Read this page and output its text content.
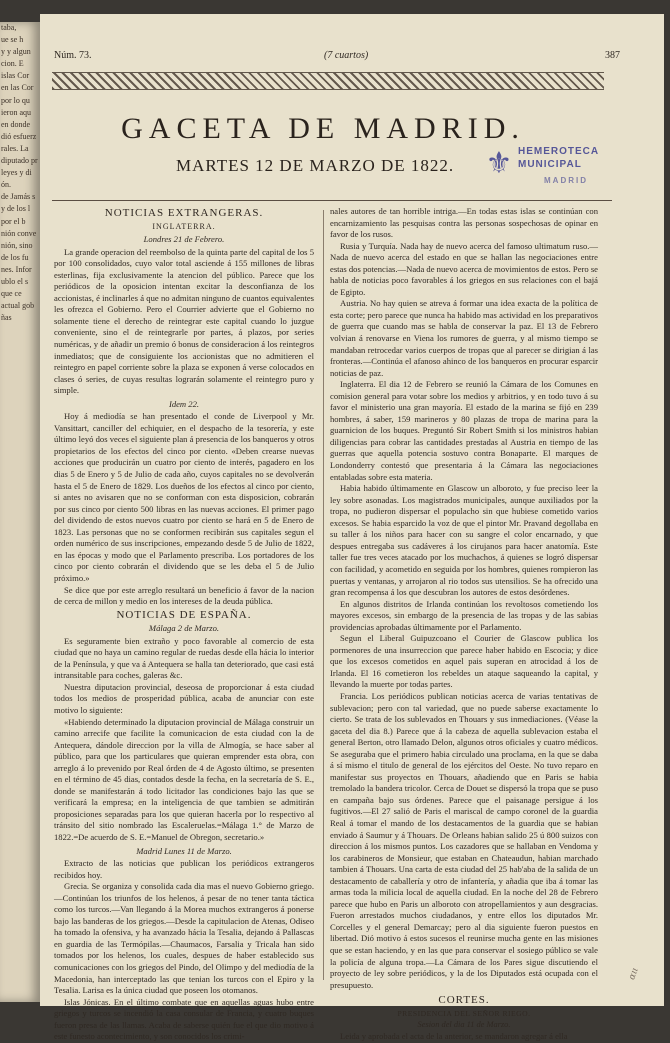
taba,
ue se h
y y algun
cion. E
islas Cor
en las Cor
por lo qu
ieron aqu
en donde
dió esfuerz
rales. La
diputado pr
leyes y di
ón.
de Jamás s
y de los l
por el b
nión conve
nión, sino
de los fu
nes. Infor
ublo el s
que ce
actual gob
ñas
Núm. 73.	(7 cuartos)	387
GACETA DE MADRID.
MARTES 12 DE MARZO DE 1822. ⚜ HEMEROTECA
MUNICIPAL
MADRID
NOTICIAS EXTRANGERAS.
INGLATERRA.
Londres 21 de Febrero.

La grande operacion del reembolso de la quinta parte del capital de los 5 por 100 consolidados, cuyo valor total asciende á 155 millones de libras esterlinas, fija exclusivamente la atencion del público. Parece que los periódicos de la oposicion intentan excitar la desconfianza de los accionistas, é inclinarles á que no admitan ninguno de cuantos equivalentes les ofrezca el Gobierno. Pero el Courrier advierte que el Gobierno no solamente tiene el derecho de reintegrar este capital cuando lo juzgue conveniente, sino el de reintegrarle por partes, á plazos, por series numéricas, y de añadir un premio ó bonus de consideracion á los reintegros inmediatos; que de consiguiente los accionistas que no admitieren el reintegro en papel corriente sobre la plaza se exponen á verse colocados en clases ó series, de cuyas resultas lograrán solamente el reintegro puro y simple.

Idem 22.

Hoy á mediodía se han presentado el conde de Liverpool y Mr. Vansittart, canciller del echiquier, en el despacho de la tesorería, y este último leyó dos veces el siguiente plan á presencia de los banqueros y otros propietarios de los efectos del cinco por ciento. «Deben crearse nuevas acciones que producirán un cuatro por ciento de interés, pagadero en los dias 5 de Enero y 5 de Julio de cada año, cuyos capitales no se devolverán hasta el 5 de Enero de 1829. Los dueños de los efectos al cinco por ciento, si antes no avisaren que no se conforman con esta disposicion, cobrarán por sus cinco por ciento 500 libras en las nuevas acciones. El primer pago del dividendo de estos nuevos cuatro por ciento se hará en 5 de Enero de 1823. Las personas que no se conformen recibirán sus capitales segun el orden numérico de sus inscripciones, empezando desde 5 de Julio de 1822, en las épocas y modo que el Parlamento prescriba. Los portadores de los cinco por ciento cobrarán el dividendo que se les deba el 5 de Julio próximo.»

Se dice que por este arreglo resultará un beneficio á favor de la nacion de cerca de millon y medio en los intereses de la deuda pública.

NOTICIAS DE ESPAÑA.
Málaga 2 de Marzo.

Es seguramente bien extraño y poco favorable al comercio de esta ciudad que no haya un camino regular de ruedas desde ella hácia lo interior de la Península, y que va á Antequera se halla tan deteriorado, que casi está intransitable para coches, galeras &c.

Nuestra diputacion provincial, deseosa de proporcionar á esta ciudad todos los medios de prosperidad pública, acaba de anunciar con este motivo lo siguiente:

«Habiendo determinado la diputacion provincial de Málaga construir un camino arrecife que facilite la comunicacion de esta ciudad con la de Antequera, dándole direccion por la villa de Almogía, se hace saber al público, para que los particulares que quieran emprender esta obra, con arreglo á lo prevenido por Real órden de 4 de Agosto último, se presenten en el término de 45 dias, contados desde la fecha, en la secretaría de S. E., donde se manifestarán á todo licitador las condiciones bajo las que se verificará la empresa; en la inteligencia de que tambien se admitirán proposiciones separadas para los que quieran hacerla por lo respectivo al tránsito del sitio nombrado las Escaleruelas.=Málaga 1.° de Marzo de 1822.=De acuerdo de S. E.=Manuel de Obregon, secretario.»

Madrid Lunes 11 de Marzo.

Extracto de las noticias que publican los periódicos extrangeros recibidos hoy.

Grecia. Se organiza y consolida cada dia mas el nuevo Gobierno griego.—Continúan los triunfos de los helenos, á pesar de no tener tanta táctica como los turcos.—Van llegando á la Morea muchos extrangeros á ponerse bajo las banderas de los griegos.—Desde la capitulacion de Atenas, Odiseo ha tomado la ofensiva, y ha avanzado hácia la Tesalia, dejando á Pallascas en guardia de las Termópilas.—Chaumacos, Farsalia y Tricala han sido tomados por los helenos, los cuales, despues de haber establecido sus comunicaciones con los griegos del Pindo, del Olimpo y del mediodía de la Macedonia, han interceptado las que tenian los turcos con el Epiro y la Tesalia. Larisa es la única ciudad que poseen los otomanos.

Islas Jónicas. En el último combate que en aquellas aguas hubo entre griegos y turcos se incendió la casa consular de Francia, y cuatro buques fueron presa de las llamas. Acaba de saberse quién fue el que dio motivo á este funesto acontecimiento, y son conocidos los crimi-

nales autores de tan horrible intriga.—En todas estas islas se continúan con encarnizamiento las pesquisas contra las personas sospechosas de opinar en favor de los rusos.

Rusia y Turquía. Nada hay de nuevo acerca del famoso ultimatum ruso.—Nada de nuevo acerca del estado en que se hallan las negociaciones entre estas dos potencias.—Nada de nuevo acerca de movimientos de estos. Pero se habla de noticias poco favorables á los griegos en sus relaciones con el bajá de Egipto.

Austria. No hay quien se atreva á formar una idea exacta de la política de esta corte; pero parece que nunca ha habido mas actividad en los preparativos de guerra que cuando mas se habla de conservar la paz. El 13 de Febrero volvian á renovarse en Viena los rumores de guerra, y al mismo tiempo se mandaban retrocedar varios cuerpos de tropas que al parecer se dirigian á las fronteras.—Continúa el afanoso ahinco de los banqueros en procurar esparcir noticias de paz.

Inglaterra. El dia 12 de Febrero se reunió la Cámara de los Comunes en comision general para votar sobre los medios y arbitrios, y en todo tuvo á su favor el ministerio una gran mayoría. El estado de la marina se fijó en 239 hombres, á saber, 159 marineros y 80 plazas de tropa de marina para la guarnicion de los buques. Preguntó Sir Robert Smith si los ministros habian diligencias para cobrar las cantidades prestadas al Austria en tiempo de las guerras que aquella potencia sostuvo contra Bonaparte. El marques de Londonderry contestó que presentaria á la Cámara las negociaciones entabladas sobre esta materia.

Habia habido últimamente en Glascow un alboroto, y fue preciso leer la ley sobre asonadas. Los magistrados municipales, aunque auxiliados por la tropa, no pudieron dispersar el populacho sin que hubiese cometido varios excesos. Se habia esparcido la voz de que el pintor Mr. Pravand degollaba en su taller á los niños para hacer con su sangre el color encarnado, y que despues entregaba sus cadáveres á los cirujanos para hacer anatomía. Este taller fue tres veces atacado por los muchachos, á quienes se logró dispersar con facilidad, y acometido en seguida por los hombres, quienes rompieron las puertas y ventanas, y arrojaron al rio todos sus utensilios. Se ha ofrecido una gran recompensa á los que descubran los autores de estos desórdenes.

En algunos distritos de Irlanda continúan los revoltosos cometiendo los mayores excesos, sin embargo de la presencia de las tropas y de las sabias providencias aprobadas últimamente por el Parlamento.

Segun el Liberal Guipuzcoano el Courier de Glascow publica los pormenores de una insurreccion que parece haber habido en Escocia; y dice que los excesos cometidos en aquel pais superan en atrocidad á los de Irlanda. El 16 cometieron los rebeldes un ataque saqueando la capital, y llevando la muerte por todas partes.

Francia. Los periódicos publican noticias acerca de varias tentativas de sublevacion; pero con tal variedad, que no puede saberse exactamente lo cierto. Se trata de los sublevados en Thouars y sus inmediaciones. (Véase la gaceta del dia 8.) Parece que á la cabeza de aquella sublevacion estaba el general Berton, otro llamado Delon, algunos otros oficiales y cuatro médicos. Se aseguraba que el primero habia circulado una proclama, en la que se daba á sí mismo el titulo de general de los ejércitos del Oeste. No tuvo reparo en manifestar sus proyectos en Thouars, añadiendo que en Paris se habia tremolado la bandera tricolor. Cerca de Douet se dispersó la tropa que se puso en campaña bajo sus órdenes. Parece que el paisanage persigue á los fugitivos.—El 27 salió de Paris el mariscal de campo coronel de la guardia Real á tomar el mando de los destacamentos de la guardia que se habian enviado á Saumur y á Thouars. De Orleans habian salido 25 ú 800 suizos con direccion á los mismos puntos. Los cazadores que se hallaban en Vendoma y los carabineros de Monsieur, que estaban en Chateaudun, habian marchado tambien á Thouars. Una carta de esta ciudad del 25 hab'aba de la salida de un destacamento de caballería y otro de infantería, y añadia que iba á tomar las armas toda la milicia local de aquella ciudad. En la noche del 28 de Febrero parece que hubo en Paris un alboroto con atropellamientos y aun desgracias. Fueron arrestados muchos ciudadanos, y entre ellos los diputados Mr. Corcelles y el general Demarcay; pero al dia siguiente fueron puestos en libertad. Dió motivo á estos sucesos el reunirse mucha gente en las misiones que se estan haciendo, y en las que para conservar el sosiego público se vale la policía de alguna tropa.—La Cámara de los Pares sigue discutiendo el proyecto de ley sobre periódicos, y la de los Diputados está ocupada con el presupuesto.

CORTES.
PRESIDENCIA DEL SEÑOR RIEGO.
Sesion del dia 11 de Marzo.

Leida y aprobada el acta de la anterior, se mandaron agregar á ella

ɑıı
